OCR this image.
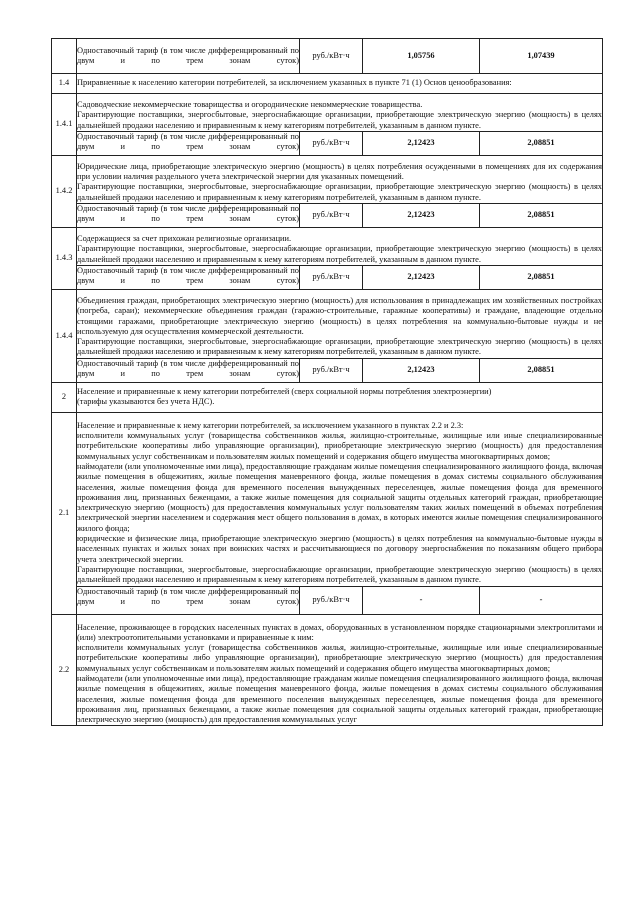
	Одноставочный тариф (в том числе дифференцированный по двум и по трем зонам суток)	руб./кВт·ч	1,05756	1,07439
1.4	Приравненные к населению категории потребителей, за исключением указанных в пункте 71 (1) Основ ценообразования:			
1.4.1	Садоводческие некоммерческие товарищества и огороднические некоммерческие товарищества.

Гарантирующие поставщики, энергосбытовые, энергоснабжающие организации, приобретающие электрическую энергию (мощность) в целях дальнейшей продажи населению и приравненным к нему категориям потребителей, указанным в данном пункте.			

	Одноставочный тариф (в том числе дифференцированный по двум и по трем зонам суток)	руб./кВт·ч	2,12423	2,08851
1.4.2	Юридические лица, приобретающие электрическую энергию (мощность) в целях потребления осужденными в помещениях для их содержания при условии наличия раздельного учета электрической энергии для указанных помещений.

Гарантирующие поставщики, энергосбытовые, энергоснабжающие организации, приобретающие электрическую энергию (мощность) в целях дальнейшей продажи населению и приравненным к нему категориям потребителей, указанным в данном пункте.			

	Одноставочный тариф (в том числе дифференцированный по двум и по трем зонам суток)	руб./кВт·ч	2,12423	2,08851
1.4.3	Содержащиеся за счет прихожан религиозные организации.

Гарантирующие поставщики, энергосбытовые, энергоснабжающие организации, приобретающие электрическую энергию (мощность) в целях дальнейшей продажи населению и приравненным к нему категориям потребителей, указанным в данном пункте.			

	Одноставочный тариф (в том числе дифференцированный по двум и по трем зонам суток)	руб./кВт·ч	2,12423	2,08851
1.4.4	Объединения граждан, приобретающих электрическую энергию (мощность) для использования в принадлежащих им хозяйственных постройках (погреба, сараи); некоммерческие объединения граждан (гаражно-строительные, гаражные кооперативы) и граждане, владеющие отдельно стоящими гаражами, приобретающие электрическую энергию (мощность) в целях потребления на коммунально-бытовые нужды и не используемую для осуществления коммерческой деятельности.

Гарантирующие поставщики, энергосбытовые, энергоснабжающие организации, приобретающие электрическую энергию (мощность) в целях дальнейшей продажи населению и приравненным к нему категориям потребителей, указанным в данном пункте.			

	Одноставочный тариф (в том числе дифференцированный по двум и по трем зонам суток)	руб./кВт·ч	2,12423	2,08851
2	Население и приравненные к нему категории потребителей (сверх социальной нормы потребления электроэнергии)

(тарифы указываются без учета НДС).			

2.1	Население и приравненные к нему категории потребителей, за исключением указанного в пунктах 2.2 и 2.3:

исполнители коммунальных услуг (товарищества собственников жилья, жилищно-строительные, жилищные или иные специализированные потребительские кооперативы либо управляющие организации), приобретающие электрическую энергию (мощность) для предоставления коммунальных услуг собственникам и пользователям жилых помещений и содержания общего имущества многоквартирных домов;

наймодатели (или уполномоченные ими лица), предоставляющие гражданам жилые помещения специализированного жилищного фонда, включая жилые помещения в общежитиях, жилые помещения маневренного фонда, жилые помещения в домах системы социального обслуживания населения, жилые помещения фонда для временного поселения вынужденных переселенцев, жилые помещения фонда для временного проживания лиц, признанных беженцами, а также жилые помещения для социальной защиты отдельных категорий граждан, приобретающие электрическую энергию (мощность) для предоставления коммунальных услуг пользователям таких жилых помещений в объемах потребления электрической энергии населением и содержания мест общего пользования в домах, в которых имеются жилые помещения специализированного жилого фонда;

юридические и физические лица, приобретающие электрическую энергию (мощность) в целях потребления на коммунально-бытовые нужды в населенных пунктах и жилых зонах при воинских частях и рассчитывающиеся по договору энергоснабжения по показаниям общего прибора учета электрической энергии.

Гарантирующие поставщики, энергосбытовые, энергоснабжающие организации, приобретающие электрическую энергию (мощность) в целях дальнейшей продажи населению и приравненным к нему категориям потребителей, указанным в данном пункте.			

	Одноставочный тариф (в том числе дифференцированный по двум и по трем зонам суток)	руб./кВт·ч	-	-
2.2	Население, проживающее в городских населенных пунктах в домах, оборудованных в установленном порядке стационарными электроплитами и (или) электроотопительными установками и приравненные к ним:

исполнители коммунальных услуг (товарищества собственников жилья, жилищно-строительные, жилищные или иные специализированные потребительские кооперативы либо управляющие организации), приобретающие электрическую энергию (мощность) для предоставления коммунальных услуг собственникам и пользователям жилых помещений и содержания общего имущества многоквартирных домов;

наймодатели (или уполномоченные ими лица), предоставляющие гражданам жилые помещения специализированного жилищного фонда, включая жилые помещения в общежитиях, жилые помещения маневренного фонда, жилые помещения в домах системы социального обслуживания населения, жилые помещения фонда для временного поселения вынужденных переселенцев, жилые помещения фонда для временного проживания лиц, признанных беженцами, а также жилые помещения для социальной защиты отдельных категорий граждан, приобретающие электрическую энергию (мощность) для предоставления коммунальных услуг			
